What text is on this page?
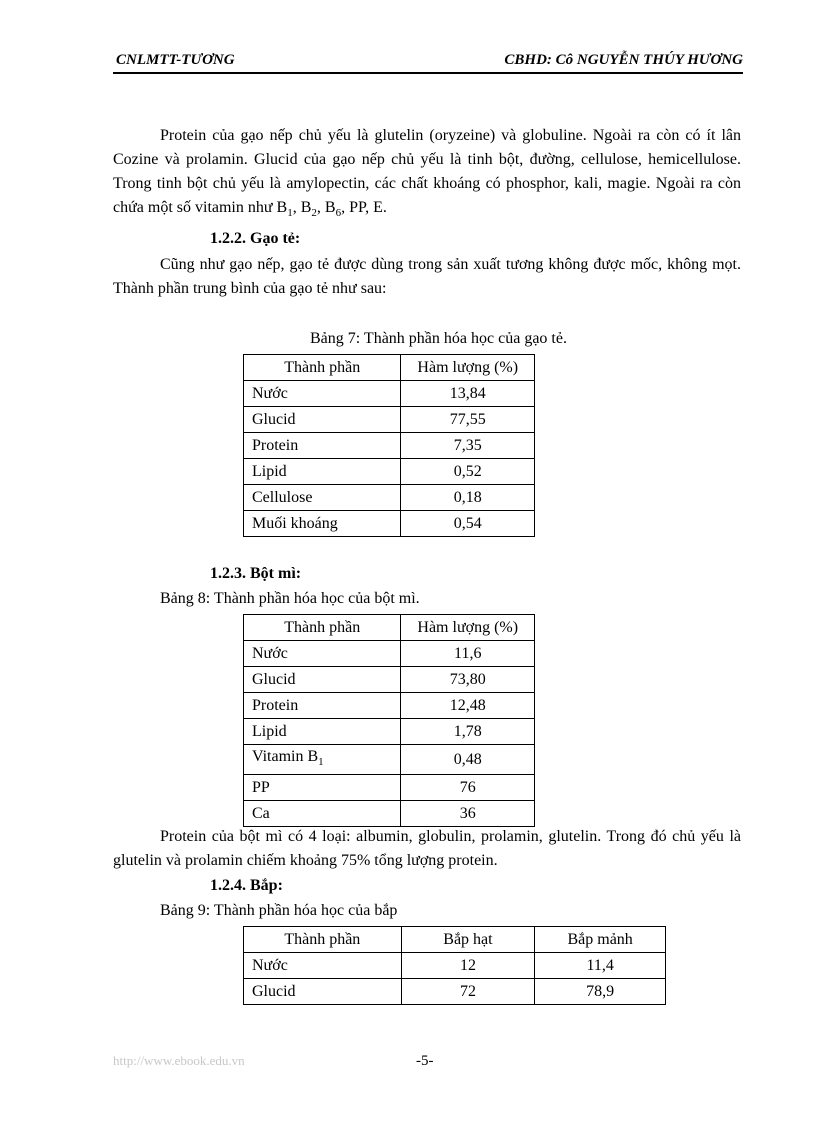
CNLMTT-TƯƠNG	CBHD: Cô NGUYỄN THÚY HƯƠNG

Protein của gạo nếp chủ yếu là glutelin (oryzeine) và globuline. Ngoài ra còn có ít lân Cozine và prolamin. Glucid của gạo nếp chủ yếu là tinh bột, đường, cellulose, hemicellulose. Trong tinh bột chủ yếu là amylopectin, các chất khoáng có phosphor, kali, magie. Ngoài ra còn chứa một số vitamin như $B_1$, $B_2$, $B_6$, PP, E.

1.2.2. Gạo tẻ:

Cũng như gạo nếp, gạo tẻ được dùng trong sản xuất tương không được mốc, không mọt. Thành phần trung bình của gạo tẻ như sau:

Bảng 7: Thành phần hóa học của gạo tẻ.
Thành phần	Hàm lượng (%)
Nước	13,84
Glucid	77,55
Protein	7,35
Lipid	0,52
Cellulose	0,18
Muối khoáng	0,54
1.2.3. Bột mì:
Bảng 8: Thành phần hóa học của bột mì.
Thành phần	Hàm lượng (%)
Nước	11,6
Glucid	73,80
Protein	12,48
Lipid	1,78
Vitamin $B_1$	0,48
PP	76
Ca	36

Protein của bột mì có 4 loại: albumin, globulin, prolamin, glutelin. Trong đó chủ yếu là glutelin và prolamin chiếm khoảng 75% tổng lượng protein.

1.2.4. Bắp:
Bảng 9: Thành phần hóa học của bắp
Thành phần	Bắp hạt	Bắp mảnh
Nước	12	11,4
Glucid	72	78,9
http://www.ebook.edu.vn	-5-
